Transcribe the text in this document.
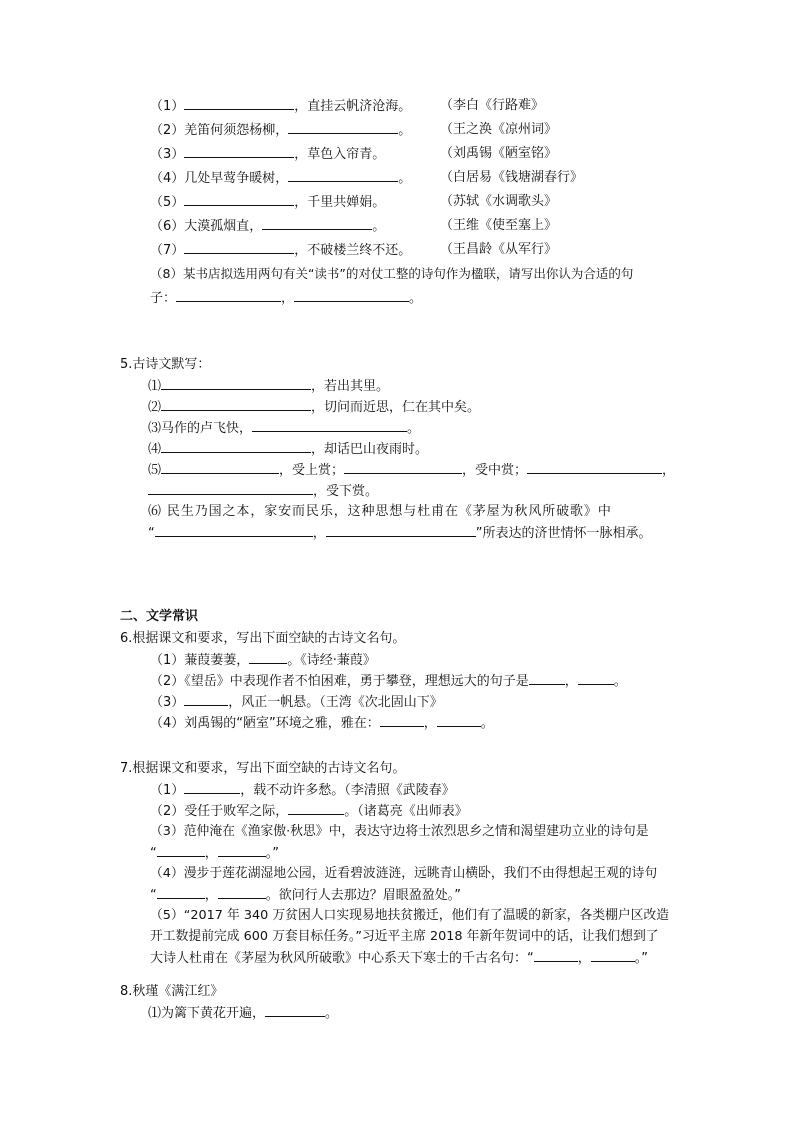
（1）	，直挂云帆济沧海。 （李白《行路难》
（2）羌笛何须怨杨柳，	。 （王之涣《凉州词》
（3）	，草色入帘青。	（刘禹锡《陋室铭》
（4）几处早莺争暖树，	。 （白居易《钱塘湖春行》
（5）	，千里共婵娟。	（苏轼《水调歌头》
（6）大漠孤烟直，	。	（王维《使至塞上》
（7）	，不破楼兰终不还。 （王昌龄《从军行》
（8）某书店拟选用两句有关“读书”的对仗工整的诗句作为楹联，请写出你认为合适的句
子：	，	。
5.古诗文默写：
⑴	，若出其里。
⑵	，切问而近思，仁在其中矣。
⑶马作的卢飞快，	。
⑷	，却话巴山夜雨时。
⑸	，受上赏；	，受中赏；	，
，受下赏。
⑹ 民生乃国之本，家安而民乐，这种思想与杜甫在《茅屋为秋风所破歌》中
“	，	”所表达的济世情怀一脉相承。
二、文学常识
6.根据课文和要求，写出下面空缺的古诗文名句。
（1）蒹葭萋萋，	。《诗经·蒹葭》
（2）《望岳》中表现作者不怕困难，勇于攀登，理想远大的句子是	，	。
（3）	，风正一帆悬。（王湾《次北固山下》
（4）刘禹锡的“陋室”环境之雅，雅在：	，	。
7.根据课文和要求，写出下面空缺的古诗文名句。
（1）	，载不动许多愁。（李清照《武陵春》
（2）受任于败军之际，	。（诸葛亮《出师表》
（3）范仲淹在《渔家傲·秋思》中，表达守边将士浓烈思乡之情和渴望建功立业的诗句是
“	，	。”
（4）漫步于莲花湖湿地公园，近看碧波涟涟，远眺青山横卧，我们不由得想起王观的诗句
“	，	。欲问行人去那边？眉眼盈盈处。”
（5）“2017 年 340 万贫困人口实现易地扶贫搬迁，他们有了温暖的新家，各类棚户区改造
开工数提前完成 600 万套目标任务。”习近平主席 2018 年新年贺词中的话，让我们想到了
大诗人杜甫在《茅屋为秋风所破歌》中心系天下寒士的千古名句：“	，	。”
8.秋瑾《满江红》
⑴为篱下黄花开遍，	。
